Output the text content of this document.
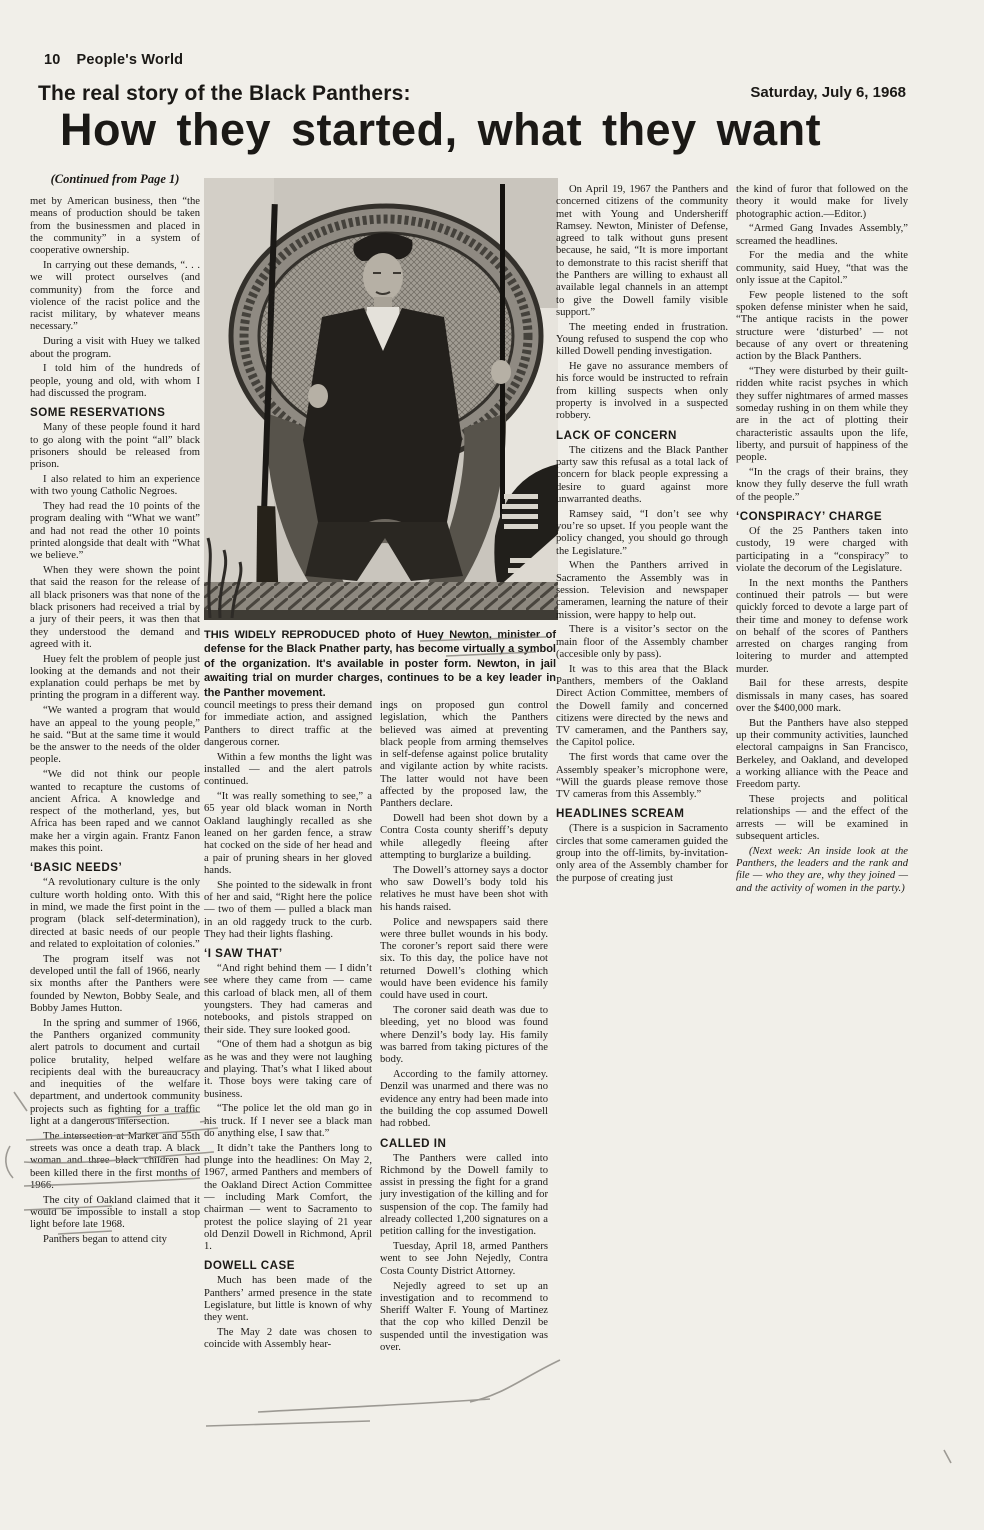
10 People's World
Saturday, July 6, 1968
The real story of the Black Panthers:
How they started, what they want
(Continued from Page 1)
THIS WIDELY REPRODUCED photo of Huey Newton, minister of defense for the Black Pnather party, has become virtually a symbol of the organization. It's available in poster form. Newton, in jail awaiting trial on murder charges, continues to be a key leader in the Panther movement.

met by American business, then “the means of production should be taken from the businessmen and placed in the community” in a system of cooperative ownership.

In carrying out these demands, “. . . we will protect ourselves (and community) from the force and violence of the racist police and the racist military, by whatever means necessary.”

During a visit with Huey we talked about the program.

I told him of the hundreds of people, young and old, with whom I had discussed the program.

SOME RESERVATIONS

Many of these people found it hard to go along with the point “all” black prisoners should be released from prison.

I also related to him an experience with two young Catholic Negroes.

They had read the 10 points of the program dealing with “What we want” and had not read the other 10 points printed alongside that dealt with “What we believe.”

When they were shown the point that said the reason for the release of all black prisoners was that none of the black prisoners had received a trial by a jury of their peers, it was then that they understood the demand and agreed with it.

Huey felt the problem of people just looking at the demands and not their explanation could perhaps be met by printing the program in a different way.

“We wanted a program that would have an appeal to the young people,” he said. “But at the same time it would be the answer to the needs of the older people.

“We did not think our people wanted to recapture the customs of ancient Africa. A knowledge and respect of the motherland, yes, but Africa has been raped and we cannot make her a virgin again. Frantz Fanon makes this point.

‘BASIC NEEDS’

“A revolutionary culture is the only culture worth holding onto. With this in mind, we made the first point in the program (black self-determination), directed at basic needs of our people and related to exploitation of colonies.”

The program itself was not developed until the fall of 1966, nearly six months after the Panthers were founded by Newton, Bobby Seale, and Bobby James Hutton.

In the spring and summer of 1966, the Panthers organized community alert patrols to document and curtail police brutality, helped welfare recipients deal with the bureaucracy and inequities of the welfare department, and undertook community projects such as fighting for a traffic light at a dangerous intersection.

The intersection at Market and 55th streets was once a death trap. A black woman and three black children had been killed there in the first months of 1966.

The city of Oakland claimed that it would be impossible to install a stop light before late 1968.

Panthers began to attend city

council meetings to press their demand for immediate action, and assigned Panthers to direct traffic at the dangerous corner.

Within a few months the light was installed — and the alert patrols continued.

“It was really something to see,” a 65 year old black woman in North Oakland laughingly recalled as she leaned on her garden fence, a straw hat cocked on the side of her head and a pair of pruning shears in her gloved hands.

She pointed to the sidewalk in front of her and said, “Right here the police — two of them — pulled a black man in an old raggedy truck to the curb. They had their lights flashing.

‘I SAW THAT’

“And right behind them — I didn’t see where they came from — came this carload of black men, all of them youngsters. They had cameras and notebooks, and pistols strapped on their side. They sure looked good.

“One of them had a shotgun as big as he was and they were not laughing and playing. That’s what I liked about it. Those boys were taking care of business.

“The police let the old man go in his truck. If I never see a black man do anything else, I saw that.”

It didn’t take the Panthers long to plunge into the headlines: On May 2, 1967, armed Panthers and members of the Oakland Direct Action Committee — including Mark Comfort, the chairman — went to Sacramento to protest the police slaying of 21 year old Denzil Dowell in Richmond, April 1.

DOWELL CASE

Much has been made of the Panthers’ armed presence in the state Legislature, but little is known of why they went.

The May 2 date was chosen to coincide with Assembly hear-

ings on proposed gun control legislation, which the Panthers believed was aimed at preventing black people from arming themselves in self-defense against police brutality and vigilante action by white racists. The latter would not have been affected by the proposed law, the Panthers declare.

Dowell had been shot down by a Contra Costa county sheriff’s deputy while allegedly fleeing after attempting to burglarize a building.

The Dowell’s attorney says a doctor who saw Dowell’s body told his relatives he must have been shot with his hands raised.

Police and newspapers said there were three bullet wounds in his body. The coroner’s report said there were six. To this day, the police have not returned Dowell’s clothing which would have been evidence his family could have used in court.

The coroner said death was due to bleeding, yet no blood was found where Denzil’s body lay. His family was barred from taking pictures of the body.

According to the family attorney. Denzil was unarmed and there was no evidence any entry had been made into the building the cop assumed Dowell had robbed.

CALLED IN

The Panthers were called into Richmond by the Dowell family to assist in pressing the fight for a grand jury investigation of the killing and for suspension of the cop. The family had already collected 1,200 signatures on a petition calling for the investigation.

Tuesday, April 18, armed Panthers went to see John Nejedly, Contra Costa County District Attorney.

Nejedly agreed to set up an investigation and to recommend to Sheriff Walter F. Young of Martinez that the cop who killed Denzil be suspended until the investigation was over.

On April 19, 1967 the Panthers and concerned citizens of the community met with Young and Undersheriff Ramsey. Newton, Minister of Defense, agreed to talk without guns present because, he said, “It is more important to demonstrate to this racist sheriff that the Panthers are willing to exhaust all available legal channels in an attempt to give the Dowell family visible support.”

The meeting ended in frustration. Young refused to suspend the cop who killed Dowell pending investigation.

He gave no assurance members of his force would be instructed to refrain from killing suspects when only property is involved in a suspected robbery.

LACK OF CONCERN

The citizens and the Black Panther party saw this refusal as a total lack of concern for black people expressing a desire to guard against more unwarranted deaths.

Ramsey said, “I don’t see why you’re so upset. If you people want the policy changed, you should go through the Legislature.”

When the Panthers arrived in Sacramento the Assembly was in session. Television and newspaper cameramen, learning the nature of their mission, were happy to help out.

There is a visitor’s sector on the main floor of the Assembly chamber (accesible only by pass).

It was to this area that the Black Panthers, members of the Oakland Direct Action Committee, members of the Dowell family and concerned citizens were directed by the news and TV cameramen, and the Panthers say, the Capitol police.

The first words that came over the Assembly speaker’s microphone were, “Will the guards please remove those TV cameras from this Assembly.”

HEADLINES SCREAM

(There is a suspicion in Sacramento circles that some cameramen guided the group into the off-limits, by-invitation-only area of the Assembly chamber for the purpose of creating just

the kind of furor that followed on the theory it would make for lively photographic action.—Editor.)

“Armed Gang Invades Assembly,” screamed the headlines.

For the media and the white community, said Huey, “that was the only issue at the Capitol.”

Few people listened to the soft spoken defense minister when he said, “The antique racists in the power structure were ‘disturbed’ — not because of any overt or threatening action by the Black Panthers.

“They were disturbed by their guilt-ridden white racist psyches in which they suffer nightmares of armed masses someday rushing in on them while they are in the act of plotting their characteristic assaults upon the life, liberty, and pursuit of happiness of the people.

“In the crags of their brains, they know they fully deserve the full wrath of the people.”

‘CONSPIRACY’ CHARGE

Of the 25 Panthers taken into custody, 19 were charged with participating in a “conspiracy” to violate the decorum of the Legislature.

In the next months the Panthers continued their patrols — but were quickly forced to devote a large part of their time and money to defense work on behalf of the scores of Panthers arrested on charges ranging from loitering to murder and attempted murder.

Bail for these arrests, despite dismissals in many cases, has soared over the $400,000 mark.

But the Panthers have also stepped up their community activities, launched electoral campaigns in San Francisco, Berkeley, and Oakland, and developed a working alliance with the Peace and Freedom party.

These projects and political relationships — and the effect of the arrests — will be examined in subsequent articles.

(Next week: An inside look at the Panthers, the leaders and the rank and file — who they are, why they joined — and the activity of women in the party.)
